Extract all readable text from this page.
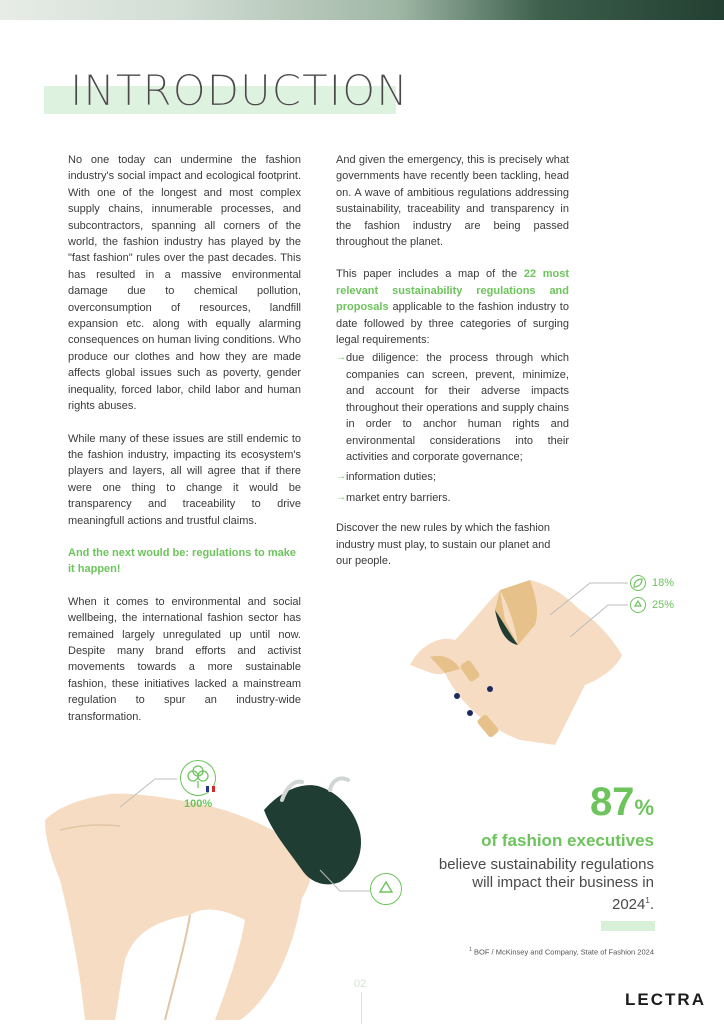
INTRODUCTION

No one today can undermine the fashion industry's social impact and ecological footprint. With one of the longest and most complex supply chains, innumerable processes, and subcontractors, spanning all corners of the world, the fashion industry has played by the "fast fashion" rules over the past decades. This has resulted in a massive environmental damage due to chemical pollution, overconsumption of resources, landfill expansion etc. along with equally alarming consequences on human living conditions. Who produce our clothes and how they are made affects global issues such as poverty, gender inequality, forced labor, child labor and human rights abuses.

While many of these issues are still endemic to the fashion industry, impacting its ecosystem's players and layers, all will agree that if there were one thing to change it would be transparency and traceability to drive meaningfull actions and trustful claims.

And the next would be: regulations to make it happen!

When it comes to environmental and social wellbeing, the international fashion sector has remained largely unregulated up until now. Despite many brand efforts and activist movements towards a more sustainable fashion, these initiatives lacked a mainstream regulation to spur an industry-wide transformation.

And given the emergency, this is precisely what governments have recently been tackling, head on. A wave of ambitious regulations addressing sustainability, traceability and transparency in the fashion industry are being passed throughout the planet.

This paper includes a map of the 22 most relevant sustainability regulations and proposals applicable to the fashion industry to date followed by three categories of surging legal requirements:

→ due diligence: the process through which companies can screen, prevent, minimize, and account for their adverse impacts throughout their operations and supply chains in order to anchor human rights and environmental considerations into their activities and corporate governance;
→ information duties;
→ market entry barriers.

Discover the new rules by which the fashion industry must play, to sustain our planet and our people.

18%
25%
100%	87%
of fashion executives
believe sustainability regulations will impact their business in 2024$^1$.
$^1$ BOF / McKinsey and Company, State of Fashion 2024
02
LECTRA
